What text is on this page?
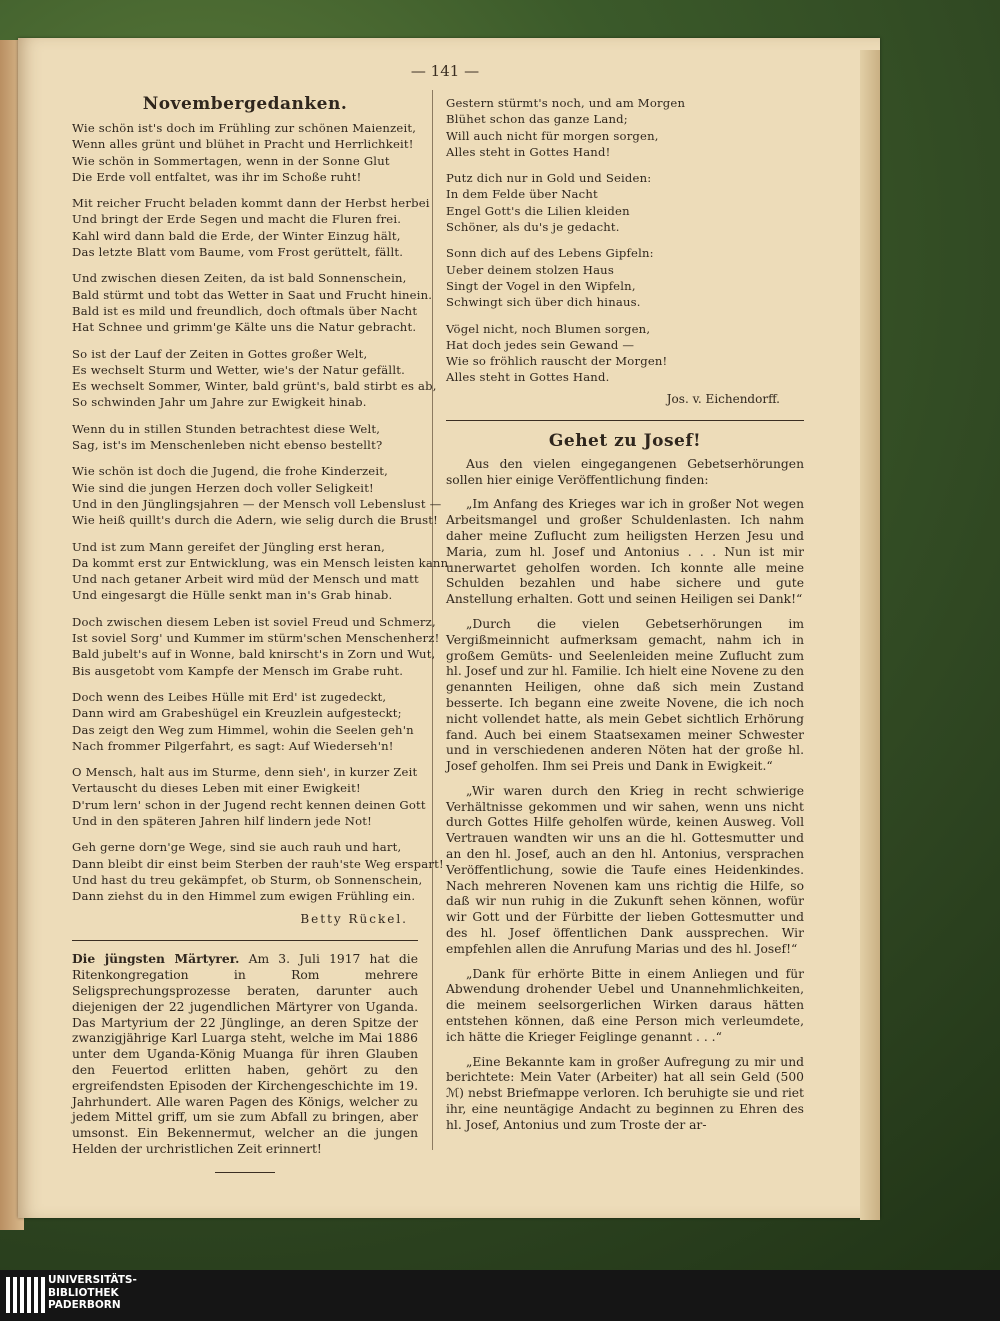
— 141 —
Novembergedanken.
Wie schön ist's doch im Frühling zur schönen Maienzeit,
Wenn alles grünt und blühet in Pracht und Herrlichkeit!
Wie schön in Sommertagen, wenn in der Sonne Glut
Die Erde voll entfaltet, was ihr im Schoße ruht!
Mit reicher Frucht beladen kommt dann der Herbst herbei
Und bringt der Erde Segen und macht die Fluren frei.
Kahl wird dann bald die Erde, der Winter Einzug hält,
Das letzte Blatt vom Baume, vom Frost gerüttelt, fällt.
Und zwischen diesen Zeiten, da ist bald Sonnenschein,
Bald stürmt und tobt das Wetter in Saat und Frucht hinein.
Bald ist es mild und freundlich, doch oftmals über Nacht
Hat Schnee und grimm'ge Kälte uns die Natur gebracht.
So ist der Lauf der Zeiten in Gottes großer Welt,
Es wechselt Sturm und Wetter, wie's der Natur gefällt.
Es wechselt Sommer, Winter, bald grünt's, bald stirbt es ab,
So schwinden Jahr um Jahre zur Ewigkeit hinab.
Wenn du in stillen Stunden betrachtest diese Welt,
Sag, ist's im Menschenleben nicht ebenso bestellt?
Wie schön ist doch die Jugend, die frohe Kinderzeit,
Wie sind die jungen Herzen doch voller Seligkeit!
Und in den Jünglingsjahren — der Mensch voll Lebenslust —
Wie heiß quillt's durch die Adern, wie selig durch die Brust!
Und ist zum Mann gereifet der Jüngling erst heran,
Da kommt erst zur Entwicklung, was ein Mensch leisten kann.
Und nach getaner Arbeit wird müd der Mensch und matt
Und eingesargt die Hülle senkt man in's Grab hinab.
Doch zwischen diesem Leben ist soviel Freud und Schmerz,
Ist soviel Sorg' und Kummer im stürm'schen Menschenherz!
Bald jubelt's auf in Wonne, bald knirscht's in Zorn und Wut,
Bis ausgetobt vom Kampfe der Mensch im Grabe ruht.
Doch wenn des Leibes Hülle mit Erd' ist zugedeckt,
Dann wird am Grabeshügel ein Kreuzlein aufgesteckt;
Das zeigt den Weg zum Himmel, wohin die Seelen geh'n
Nach frommer Pilgerfahrt, es sagt: Auf Wiederseh'n!
O Mensch, halt aus im Sturme, denn sieh', in kurzer Zeit
Vertauscht du dieses Leben mit einer Ewigkeit!
D'rum lern' schon in der Jugend recht kennen deinen Gott
Und in den späteren Jahren hilf lindern jede Not!
Geh gerne dorn'ge Wege, sind sie auch rauh und hart,
Dann bleibt dir einst beim Sterben der rauh'ste Weg erspart!
Und hast du treu gekämpfet, ob Sturm, ob Sonnenschein,
Dann ziehst du in den Himmel zum ewigen Frühling ein.
Betty Rückel.

Die jüngsten Märtyrer. Am 3. Juli 1917 hat die Ritenkongregation in Rom mehrere Seligsprechungsprozesse beraten, darunter auch diejenigen der 22 jugendlichen Märtyrer von Uganda. Das Martyrium der 22 Jünglinge, an deren Spitze der zwanzigjährige Karl Luarga steht, welche im Mai 1886 unter dem Uganda-König Muanga für ihren Glauben den Feuertod erlitten haben, gehört zu den ergreifendsten Episoden der Kirchengeschichte im 19. Jahrhundert. Alle waren Pagen des Königs, welcher zu jedem Mittel griff, um sie zum Abfall zu bringen, aber umsonst. Ein Bekennermut, welcher an die jungen Helden der urchristlichen Zeit erinnert!

Gestern stürmt's noch, und am Morgen
Blühet schon das ganze Land;
Will auch nicht für morgen sorgen,
Alles steht in Gottes Hand!
Putz dich nur in Gold und Seiden:
In dem Felde über Nacht
Engel Gott's die Lilien kleiden
Schöner, als du's je gedacht.
Sonn dich auf des Lebens Gipfeln:
Ueber deinem stolzen Haus
Singt der Vogel in den Wipfeln,
Schwingt sich über dich hinaus.
Vögel nicht, noch Blumen sorgen,
Hat doch jedes sein Gewand —
Wie so fröhlich rauscht der Morgen!
Alles steht in Gottes Hand.
Jos. v. Eichendorff.
Gehet zu Josef!

Aus den vielen eingegangenen Gebetserhörungen sollen hier einige Veröffentlichung finden:

„Im Anfang des Krieges war ich in großer Not wegen Arbeitsmangel und großer Schuldenlasten. Ich nahm daher meine Zuflucht zum heiligsten Herzen Jesu und Maria, zum hl. Josef und Antonius . . . Nun ist mir unerwartet geholfen worden. Ich konnte alle meine Schulden bezahlen und habe sichere und gute Anstellung erhalten. Gott und seinen Heiligen sei Dank!“

„Durch die vielen Gebetserhörungen im Vergißmeinnicht aufmerksam gemacht, nahm ich in großem Gemüts- und Seelenleiden meine Zuflucht zum hl. Josef und zur hl. Familie. Ich hielt eine Novene zu den genannten Heiligen, ohne daß sich mein Zustand besserte. Ich begann eine zweite Novene, die ich noch nicht vollendet hatte, als mein Gebet sichtlich Erhörung fand. Auch bei einem Staatsexamen meiner Schwester und in verschiedenen anderen Nöten hat der große hl. Josef geholfen. Ihm sei Preis und Dank in Ewigkeit.“

„Wir waren durch den Krieg in recht schwierige Verhältnisse gekommen und wir sahen, wenn uns nicht durch Gottes Hilfe geholfen würde, keinen Ausweg. Voll Vertrauen wandten wir uns an die hl. Gottesmutter und an den hl. Josef, auch an den hl. Antonius, versprachen Veröffentlichung, sowie die Taufe eines Heidenkindes. Nach mehreren Novenen kam uns richtig die Hilfe, so daß wir nun ruhig in die Zukunft sehen können, wofür wir Gott und der Fürbitte der lieben Gottesmutter und des hl. Josef öffentlichen Dank aussprechen. Wir empfehlen allen die Anrufung Marias und des hl. Josef!“

„Dank für erhörte Bitte in einem Anliegen und für Abwendung drohender Uebel und Unannehmlichkeiten, die meinem seelsorgerlichen Wirken daraus hätten entstehen können, daß eine Person mich verleumdete, ich hätte die Krieger Feiglinge genannt . . .“

„Eine Bekannte kam in großer Aufregung zu mir und berichtete: Mein Vater (Arbeiter) hat all sein Geld (500 ℳ) nebst Briefmappe verloren. Ich beruhigte sie und riet ihr, eine neuntägige Andacht zu beginnen zu Ehren des hl. Josef, Antonius und zum Troste der ar-

UNIVERSITÄTS-
BIBLIOTHEK
PADERBORN
